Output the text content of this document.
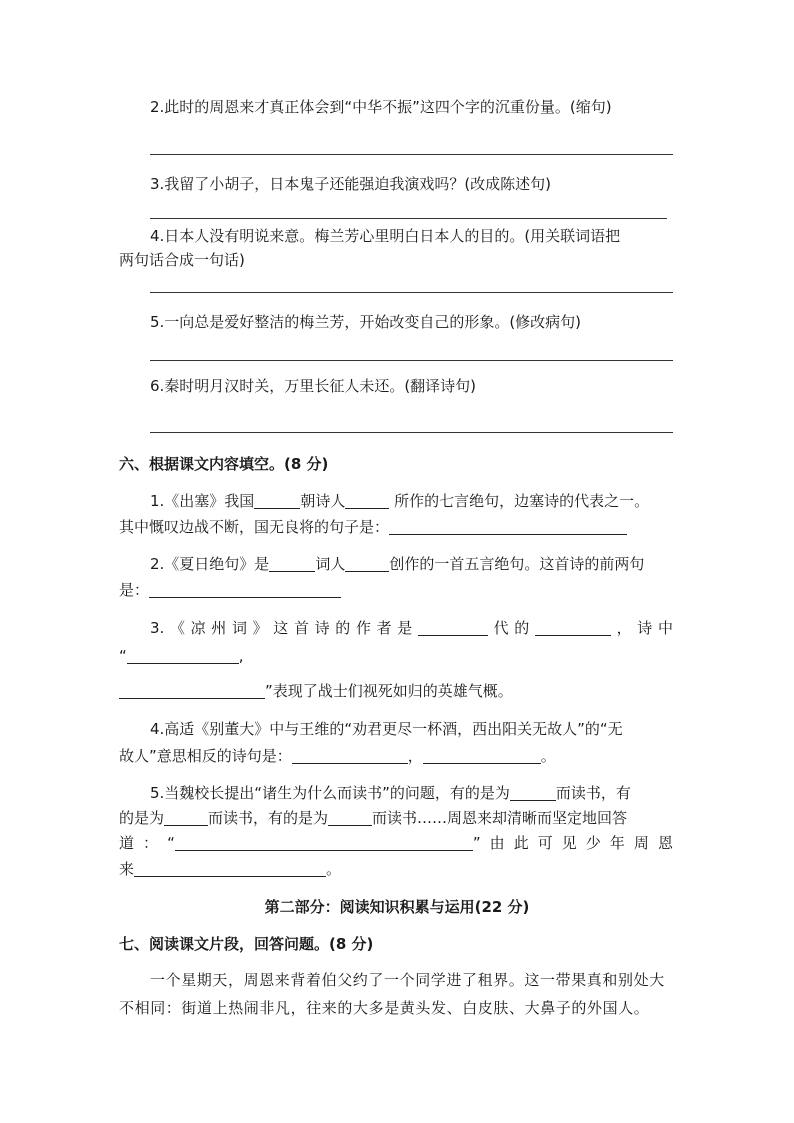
2.此时的周恩来才真正体会到“中华不振”这四个字的沉重份量。(缩句)
3.我留了小胡子，日本鬼子还能强迫我演戏吗？(改成陈述句)
4.日本人没有明说来意。梅兰芳心里明白日本人的目的。(用关联词语把
两句话合成一句话)
5.一向总是爱好整洁的梅兰芳，开始改变自己的形象。(修改病句)
6.秦时明月汉时关，万里长征人未还。(翻译诗句)
六、根据课文内容填空。(8 分)
1.《出塞》我国	朝诗人	所作的七言绝句，边塞诗的代表之一。
其中慨叹边战不断，国无良将的句子是：
2.《夏日绝句》是	词人	创作的一首五言绝句。这首诗的前两句
是：
3.《凉州词》这首诗的作者是	代的	，诗中
“	,
”表现了战士们视死如归的英雄气概。
4.高适《别董大》中与王维的“劝君更尽一杯酒，西出阳关无故人”的“无
故人”意思相反的诗句是：	，	。
5.当魏校长提出“诸生为什么而读书”的问题，有的是为	而读书，有
的是为	而读书，有的是为	而读书……周恩来却清晰而坚定地回答
道：“	”由此可见少年周恩
来	。
第二部分：阅读知识积累与运用(22 分)
七、阅读课文片段，回答问题。(8 分)
一个星期天，周恩来背着伯父约了一个同学进了租界。这一带果真和别处大
不相同：街道上热闹非凡，往来的大多是黄头发、白皮肤、大鼻子的外国人。
